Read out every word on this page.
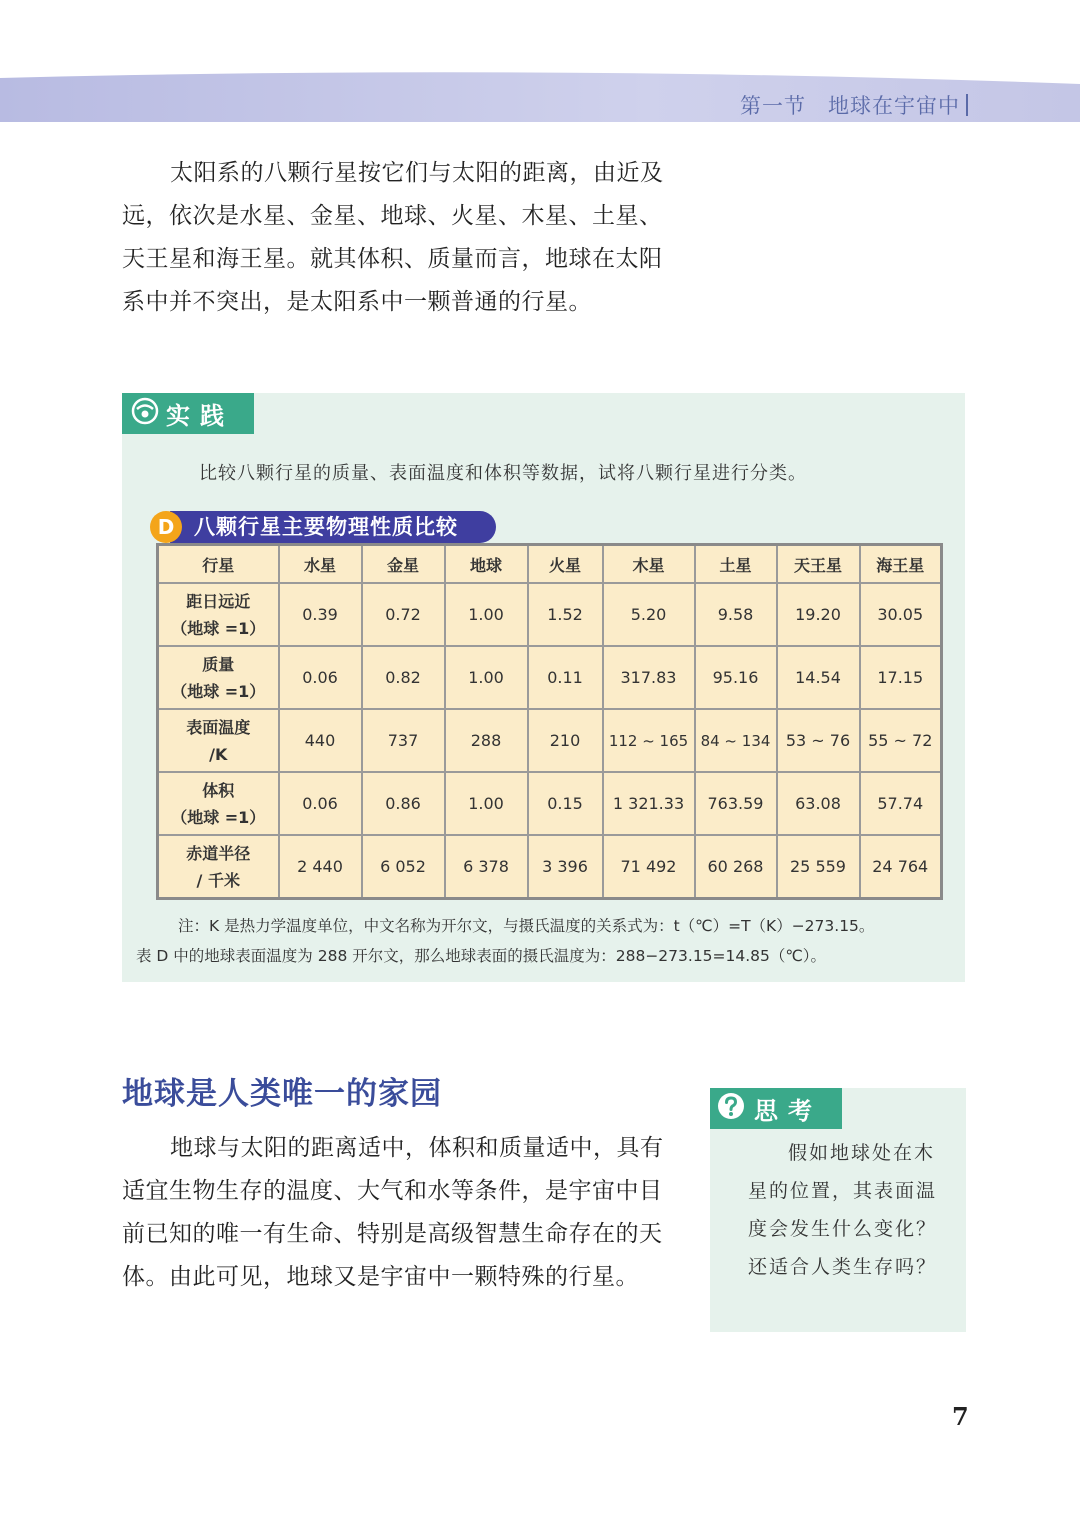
第一节 地球在宇宙中

太阳系的八颗行星按它们与太阳的距离，由近及远，依次是水星、金星、地球、火星、木星、土星、天王星和海王星。就其体积、质量而言，地球在太阳系中并不突出，是太阳系中一颗普通的行星。

实践
比较八颗行星的质量、表面温度和体积等数据，试将八颗行星进行分类。
D 八颗行星主要物理性质比较
行星	水星	金星	地球	火星	木星	土星	天王星	海王星
距日远近
（地球 =1）	0.39	0.72	1.00	1.52	5.20	9.58	19.20	30.05
质量
（地球 =1）	0.06	0.82	1.00	0.11	317.83	95.16	14.54	17.15
表面温度
/K	440	737	288	210	112 ~ 165	84 ~ 134	53 ~ 76	55 ~ 72
体积
（地球 =1）	0.06	0.86	1.00	0.15	1 321.33	763.59	63.08	57.74
赤道半径
/ 千米	2 440	6 052	6 378	3 396	71 492	60 268	25 559	24 764
注：K 是热力学温度单位，中文名称为开尔文，与摄氏温度的关系式为：t（℃）=T（K）−273.15。
表 D 中的地球表面温度为 288 开尔文，那么地球表面的摄氏温度为：288−273.15=14.85（℃）。
地球是人类唯一的家园

地球与太阳的距离适中，体积和质量适中，具有适宜生物生存的温度、大气和水等条件，是宇宙中目前已知的唯一有生命、特别是高级智慧生命存在的天体。由此可见，地球又是宇宙中一颗特殊的行星。

思考

假如地球处在木星的位置，其表面温度会发生什么变化？还适合人类生存吗？

7
